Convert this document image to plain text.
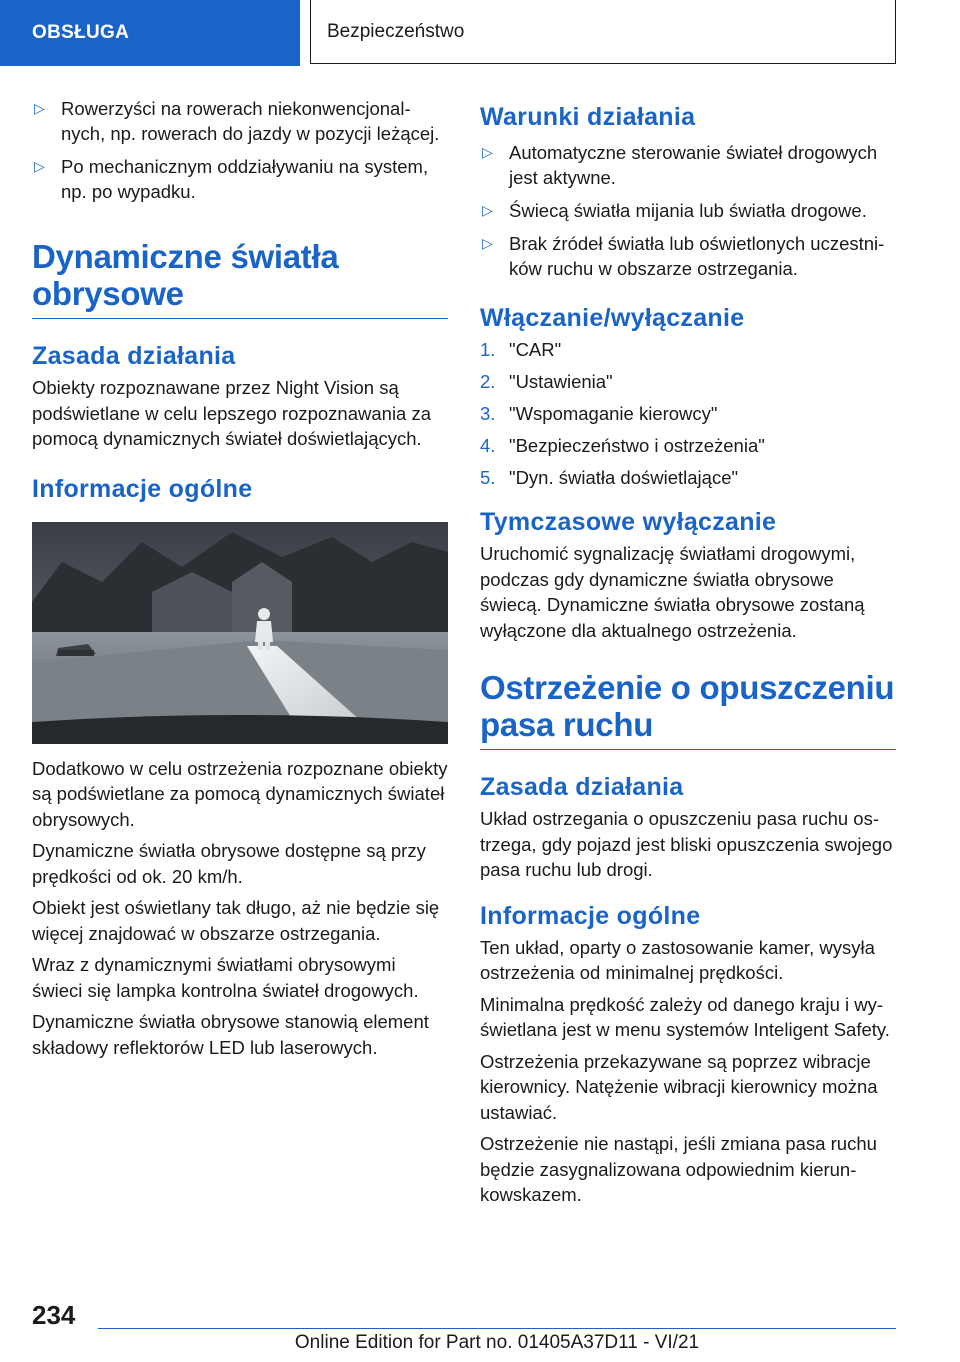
OBSŁUGA	Bezpieczeństwo
▷ Rowerzyści na rowerach niekonwencjonalnych, np. rowerach do jazdy w pozycji leżącej.
▷ Po mechanicznym oddziaływaniu na system, np. po wypadku.
Dynamiczne światła obrysowe
Zasada działania

Obiekty rozpoznawane przez Night Vision są podświetlane w celu lepszego rozpoznawania za pomocą dynamicznych świateł doświetlających.

Informacje ogólne

Dodatkowo w celu ostrzeżenia rozpoznane obiekty są podświetlane za pomocą dynamicznych świateł obrysowych.

Dynamiczne światła obrysowe dostępne są przy prędkości od ok. 20 km/h.

Obiekt jest oświetlany tak długo, aż nie będzie się więcej znajdować w obszarze ostrzegania.

Wraz z dynamicznymi światłami obrysowymi świeci się lampka kontrolna świateł drogowych.

Dynamiczne światła obrysowe stanowią element składowy reflektorów LED lub laserowych.

Warunki działania
▷ Automatyczne sterowanie świateł drogowych jest aktywne.
▷ Świecą światła mijania lub światła drogowe.
▷ Brak źródeł światła lub oświetlonych uczestników ruchu w obszarze ostrzegania.
Włączanie/wyłączanie
1. "CAR"
2. "Ustawienia"
3. "Wspomaganie kierowcy"
4. "Bezpieczeństwo i ostrzeżenia"
5. "Dyn. światła doświetlające"
Tymczasowe wyłączanie

Uruchomić sygnalizację światłami drogowymi, podczas gdy dynamiczne światła obrysowe świecą. Dynamiczne światła obrysowe zostaną wyłączone dla aktualnego ostrzeżenia.

Ostrzeżenie o opuszczeniu pasa ruchu
Zasada działania

Układ ostrzegania o opuszczeniu pasa ruchu ostrzega, gdy pojazd jest bliski opuszczenia swojego pasa ruchu lub drogi.

Informacje ogólne

Ten układ, oparty o zastosowanie kamer, wysyła ostrzeżenia od minimalnej prędkości.

Minimalna prędkość zależy od danego kraju i wyświetlana jest w menu systemów Inteligent Safety.

Ostrzeżenia przekazywane są poprzez wibracje kierownicy. Natężenie wibracji kierownicy można ustawiać.

Ostrzeżenie nie nastąpi, jeśli zmiana pasa ruchu będzie zasygnalizowana odpowiednim kierunkowskazem.

234
Online Edition for Part no. 01405A37D11 - VI/21
